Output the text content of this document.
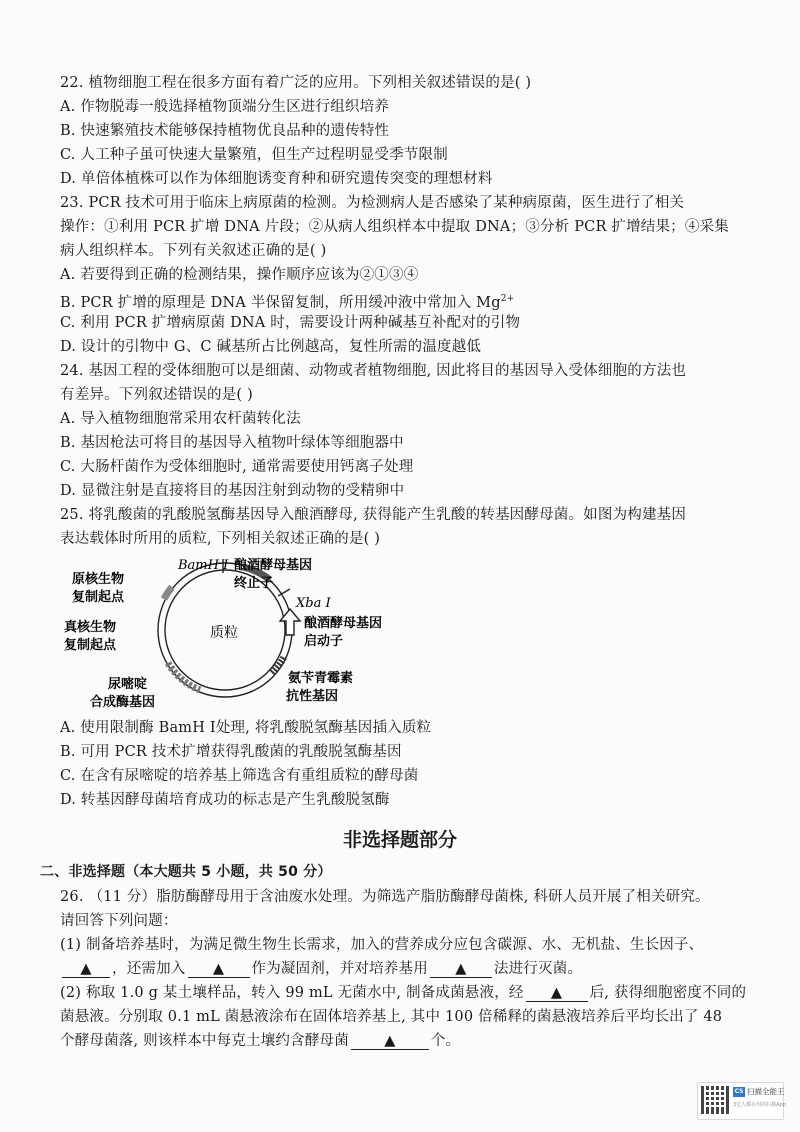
22. 植物细胞工程在很多方面有着广泛的应用。下列相关叙述错误的是( )
A. 作物脱毒一般选择植物顶端分生区进行组织培养
B. 快速繁殖技术能够保持植物优良品种的遗传特性
C. 人工种子虽可快速大量繁殖，但生产过程明显受季节限制
D. 单倍体植株可以作为体细胞诱变育种和研究遗传突变的理想材料
23. PCR 技术可用于临床上病原菌的检测。为检测病人是否感染了某种病原菌，医生进行了相关
操作：①利用 PCR 扩增 DNA 片段；②从病人组织样本中提取 DNA；③分析 PCR 扩增结果；④采集
病人组织样本。下列有关叙述正确的是( )
A. 若要得到正确的检测结果，操作顺序应该为②①③④
B. PCR 扩增的原理是 DNA 半保留复制，所用缓冲液中常加入 $Mg^{2+}$
C. 利用 PCR 扩增病原菌 DNA 时，需要设计两种碱基互补配对的引物
D. 设计的引物中 G、C 碱基所占比例越高，复性所需的温度越低
24. 基因工程的受体细胞可以是细菌、动物或者植物细胞, 因此将目的基因导入受体细胞的方法也
有差异。下列叙述错误的是( )
A. 导入植物细胞常采用农杆菌转化法
B. 基因枪法可将目的基因导入植物叶绿体等细胞器中
C. 大肠杆菌作为受体细胞时, 通常需要使用钙离子处理
D. 显微注射是直接将目的基因注射到动物的受精卵中
25. 将乳酸菌的乳酸脱氢酶基因导入酿酒酵母, 获得能产生乳酸的转基因酵母菌。如图为构建基因
表达载体时所用的质粒, 下列相关叙述正确的是( )
质粒
BamH Ⅰ
Xba Ⅰ
原核生物
复制起点
真核生物
复制起点
尿嘧啶
合成酶基因
酿酒酵母基因
终止子
酿酒酵母基因
启动子
氨苄青霉素
抗性基因
A. 使用限制酶 BamH Ⅰ处理, 将乳酸脱氢酶基因插入质粒
B. 可用 PCR 技术扩增获得乳酸菌的乳酸脱氢酶基因
C. 在含有尿嘧啶的培养基上筛选含有重组质粒的酵母菌
D. 转基因酵母菌培育成功的标志是产生乳酸脱氢酶
非选择题部分
二、非选择题（本大题共 5 小题，共 50 分）
26. （11 分）脂肪酶酵母用于含油废水处理。为筛选产脂肪酶酵母菌株, 科研人员开展了相关研究。
请回答下列问题：
(1) 制备培养基时，为满足微生物生长需求，加入的营养成分应包含碳源、水、无机盐、生长因子、
▲ ，还需加入 ▲ 作为凝固剂，并对培养基用 ▲ 法进行灭菌。
(2) 称取 1.0 g 某土壤样品，转入 99 mL 无菌水中, 制备成菌悬液，经 ▲ 后, 获得细胞密度不同的
菌悬液。分别取 0.1 mL 菌悬液涂布在固体培养基上, 其中 100 倍稀释的菌悬液培养后平均长出了 48
个酵母菌落, 则该样本中每克土壤约含酵母菌 ▲ 个。
CS 扫描全能王
3亿人都在用的扫描App
